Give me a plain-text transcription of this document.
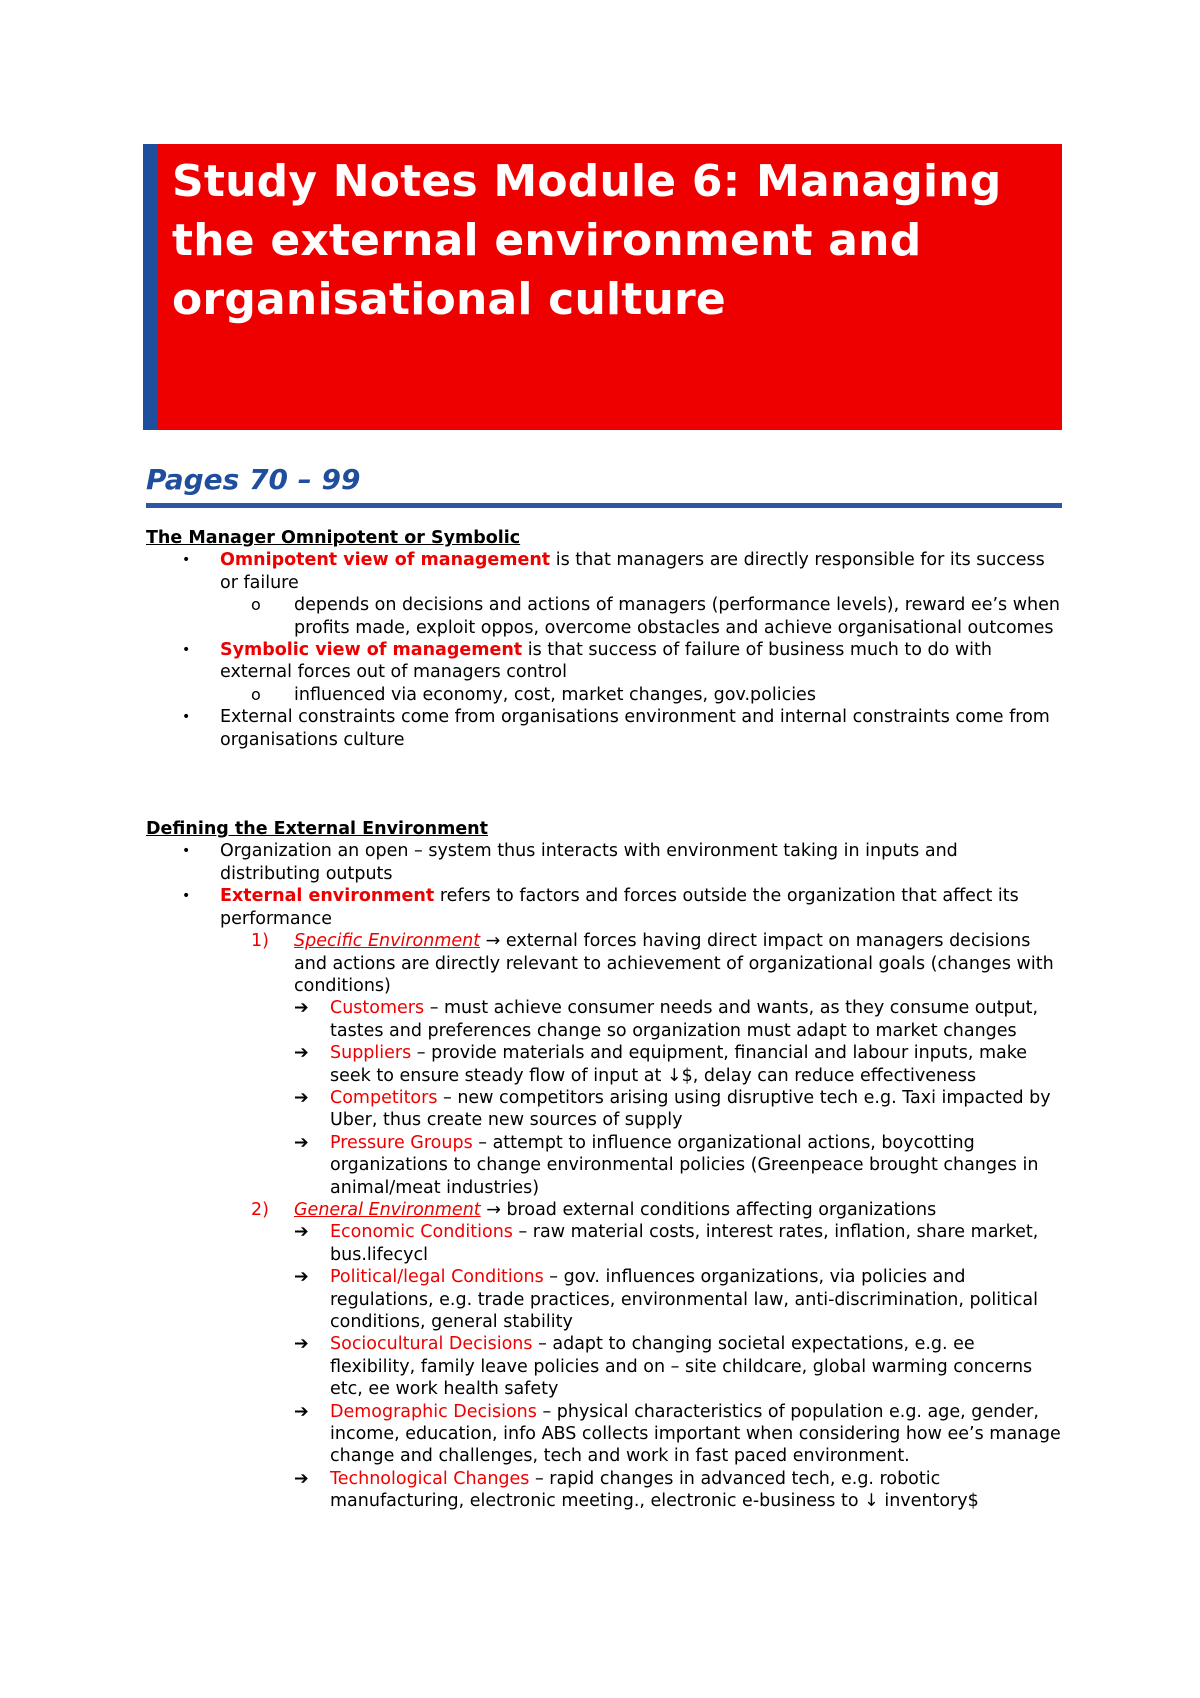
Study Notes Module 6: Managing the external environment and organisational culture
Pages 70 – 99

The Manager Omnipotent or Symbolic

• Omnipotent view of management is that managers are directly responsible for its success or failure
o depends on decisions and actions of managers (performance levels), reward ee’s when profits made, exploit oppos, overcome obstacles and achieve organisational outcomes
• Symbolic view of management is that success of failure of business much to do with external forces out of managers control
o influenced via economy, cost, market changes, gov.policies
• External constraints come from organisations environment and internal constraints come from organisations culture

Defining the External Environment

• Organization an open – system thus interacts with environment taking in inputs and distributing outputs
• External environment refers to factors and forces outside the organization that affect its performance
1) Specific Environment → external forces having direct impact on managers decisions and actions are directly relevant to achievement of organizational goals (changes with conditions)
➔ Customers – must achieve consumer needs and wants, as they consume output, tastes and preferences change so organization must adapt to market changes
➔ Suppliers – provide materials and equipment, financial and labour inputs, make seek to ensure steady flow of input at ↓$, delay can reduce effectiveness
➔ Competitors – new competitors arising using disruptive tech e.g. Taxi impacted by Uber, thus create new sources of supply
➔ Pressure Groups – attempt to influence organizational actions, boycotting organizations to change environmental policies (Greenpeace brought changes in animal/meat industries)
2) General Environment → broad external conditions affecting organizations
➔ Economic Conditions – raw material costs, interest rates, inflation, share market, bus.lifecycl
➔ Political/legal Conditions – gov. influences organizations, via policies and regulations, e.g. trade practices, environmental law, anti-discrimination, political conditions, general stability
➔ Sociocultural Decisions – adapt to changing societal expectations, e.g. ee flexibility, family leave policies and on – site childcare, global warming concerns etc, ee work health safety
➔ Demographic Decisions – physical characteristics of population e.g. age, gender, income, education, info ABS collects important when considering how ee’s manage change and challenges, tech and work in fast paced environment.
➔ Technological Changes – rapid changes in advanced tech, e.g. robotic manufacturing, electronic meeting., electronic e-business to ↓ inventory$
